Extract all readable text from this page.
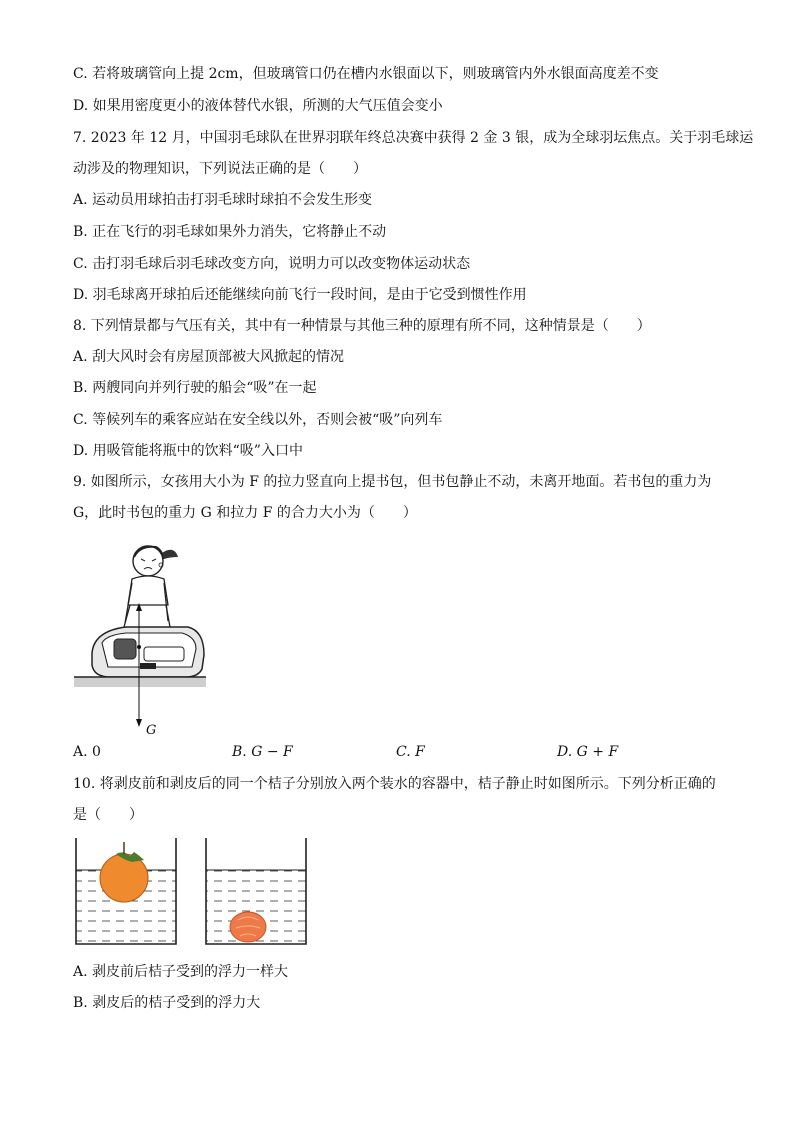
C. 若将玻璃管向上提 2cm，但玻璃管口仍在槽内水银面以下，则玻璃管内外水银面高度差不变
D. 如果用密度更小的液体替代水银，所测的大气压值会变小
7. 2023 年 12 月，中国羽毛球队在世界羽联年终总决赛中获得 2 金 3 银，成为全球羽坛焦点。关于羽毛球运
动涉及的物理知识，下列说法正确的是（　　）
A. 运动员用球拍击打羽毛球时球拍不会发生形变
B. 正在飞行的羽毛球如果外力消失，它将静止不动
C. 击打羽毛球后羽毛球改变方向，说明力可以改变物体运动状态
D. 羽毛球离开球拍后还能继续向前飞行一段时间，是由于它受到惯性作用
8. 下列情景都与气压有关，其中有一种情景与其他三种的原理有所不同，这种情景是（　　）
A. 刮大风时会有房屋顶部被大风掀起的情况
B. 两艘同向并列行驶的船会“吸”在一起
C. 等候列车的乘客应站在安全线以外，否则会被“吸”向列车
D. 用吸管能将瓶中的饮料“吸”入口中
9. 如图所示，女孩用大小为 F 的拉力竖直向上提书包，但书包静止不动，未离开地面。若书包的重力为
G，此时书包的重力 G 和拉力 F 的合力大小为（　　）
G
A. 0	B. G − F	C. F	D. G + F
10. 将剥皮前和剥皮后的同一个桔子分别放入两个装水的容器中，桔子静止时如图所示。下列分析正确的
是（　　）
A. 剥皮前后桔子受到的浮力一样大
B. 剥皮后的桔子受到的浮力大
